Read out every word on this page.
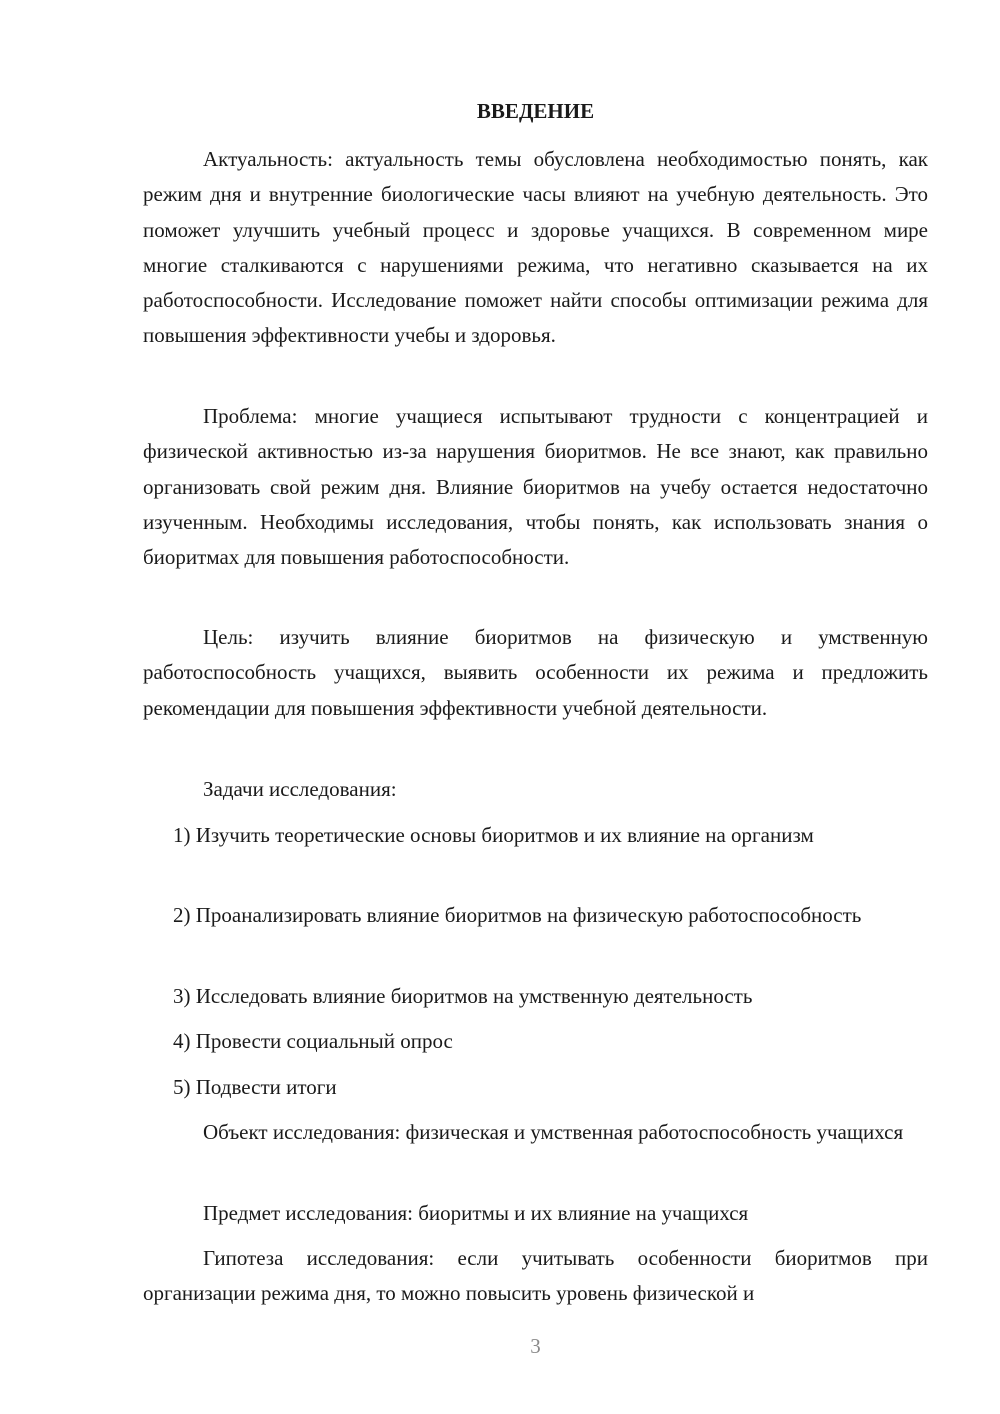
ВВЕДЕНИЕ

Актуальность: актуальность темы обусловлена необходимостью понять, как режим дня и внутренние биологические часы влияют на учебную деятельность. Это поможет улучшить учебный процесс и здоровье учащихся. В современном мире многие сталкиваются с нарушениями режима, что негативно сказывается на их работоспособности. Исследование поможет найти способы оптимизации режима для повышения эффективности учебы и здоровья.

Проблема: многие учащиеся испытывают трудности с концентрацией и физической активностью из-за нарушения биоритмов. Не все знают, как правильно организовать свой режим дня. Влияние биоритмов на учебу остается недостаточно изученным. Необходимы исследования, чтобы понять, как использовать знания о биоритмах для повышения работоспособности.

Цель: изучить влияние биоритмов на физическую и умственную работоспособность учащихся, выявить особенности их режима и предложить рекомендации для повышения эффективности учебной деятельности.

Задачи исследования:

1) Изучить теоретические основы биоритмов и их влияние на организм

2) Проанализировать влияние биоритмов на физическую работоспособность

3) Исследовать влияние биоритмов на умственную деятельность

4) Провести социальный опрос

5) Подвести итоги

Объект исследования: физическая и умственная работоспособность учащихся

Предмет исследования: биоритмы и их влияние на учащихся

Гипотеза исследования: если учитывать особенности биоритмов при организации режима дня, то можно повысить уровень физической и

3
